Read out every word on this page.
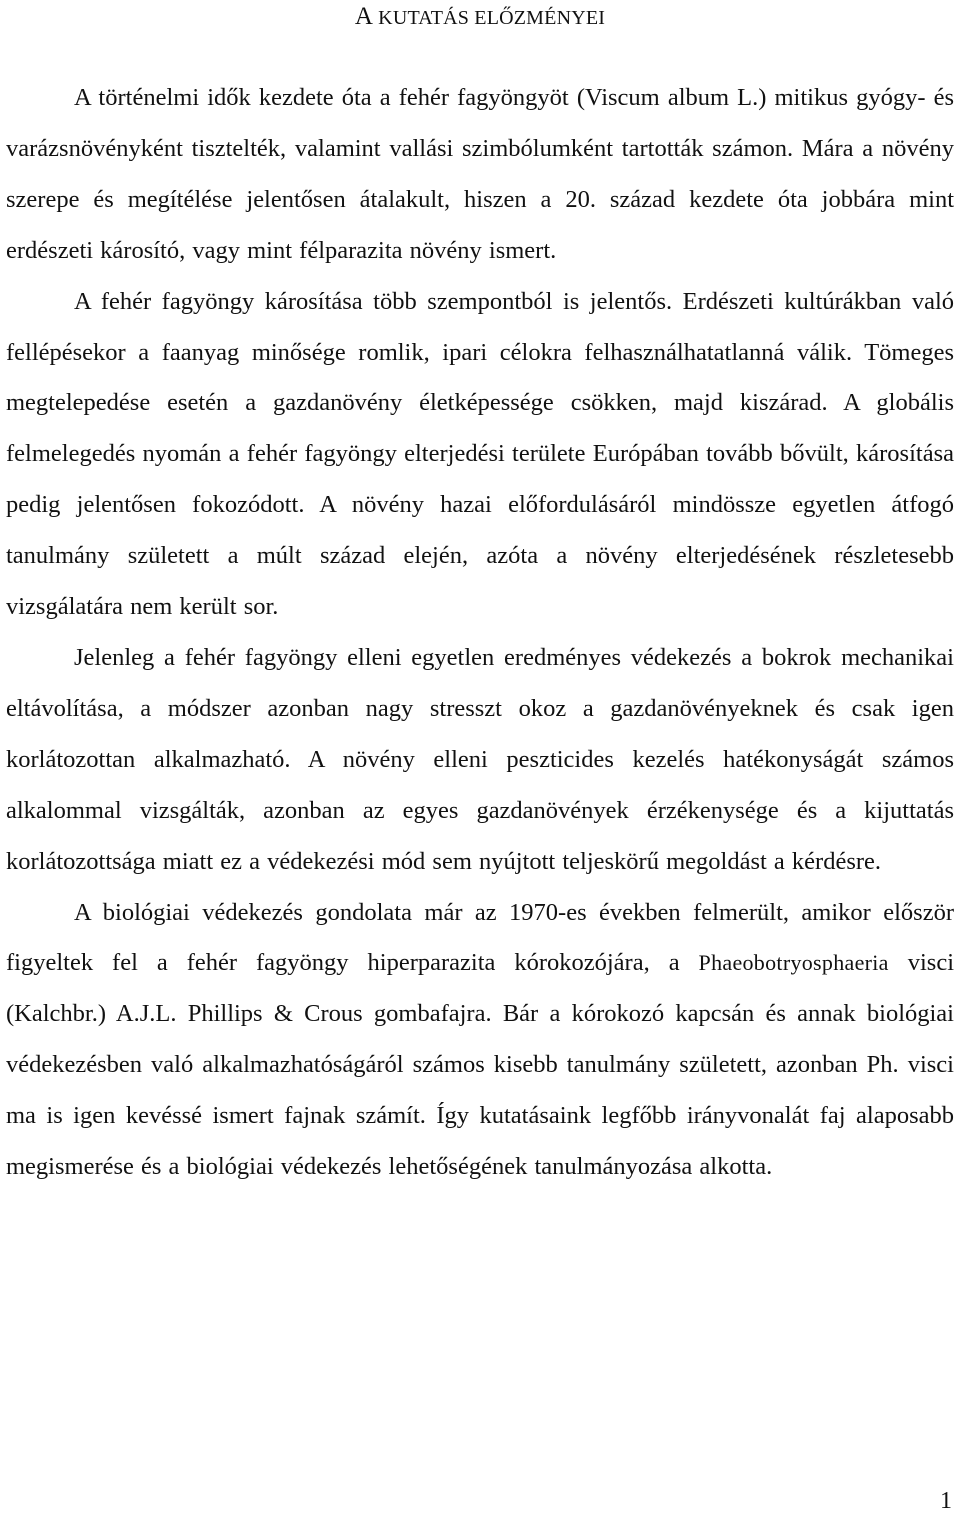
A KUTATÁS ELŐZMÉNYEI

A történelmi idők kezdete óta a fehér fagyöngyöt (Viscum album L.) mitikus gyógy- és varázsnövényként tisztelték, valamint vallási szimbólumként tartották számon. Mára a növény szerepe és megítélése jelentősen átalakult, hiszen a 20. század kezdete óta jobbára mint erdészeti károsító, vagy mint félparazita növény ismert.

A fehér fagyöngy károsítása több szempontból is jelentős. Erdészeti kultúrákban való fellépésekor a faanyag minősége romlik, ipari célokra felhasználhatatlanná válik. Tömeges megtelepedése esetén a gazdanövény életképessége csökken, majd kiszárad. A globális felmelegedés nyomán a fehér fagyöngy elterjedési területe Európában tovább bővült, károsítása pedig jelentősen fokozódott. A növény hazai előfordulásáról mindössze egyetlen átfogó tanulmány született a múlt század elején, azóta a növény elterjedésének részletesebb vizsgálatára nem került sor.

Jelenleg a fehér fagyöngy elleni egyetlen eredményes védekezés a bokrok mechanikai eltávolítása, a módszer azonban nagy stresszt okoz a gazdanövényeknek és csak igen korlátozottan alkalmazható. A növény elleni peszticides kezelés hatékonyságát számos alkalommal vizsgálták, azonban az egyes gazdanövények érzékenysége és a kijuttatás korlátozottsága miatt ez a védekezési mód sem nyújtott teljeskörű megoldást a kérdésre.

A biológiai védekezés gondolata már az 1970-es években felmerült, amikor először figyeltek fel a fehér fagyöngy hiperparazita kórokozójára, a Phaeobotryosphaeria visci (Kalchbr.) A.J.L. Phillips & Crous gombafajra. Bár a kórokozó kapcsán és annak biológiai védekezésben való alkalmazhatóságáról számos kisebb tanulmány született, azonban Ph. visci ma is igen kevéssé ismert fajnak számít. Így kutatásaink legfőbb irányvonalát faj alaposabb megismerése és a biológiai védekezés lehetőségének tanulmányozása alkotta.

1
